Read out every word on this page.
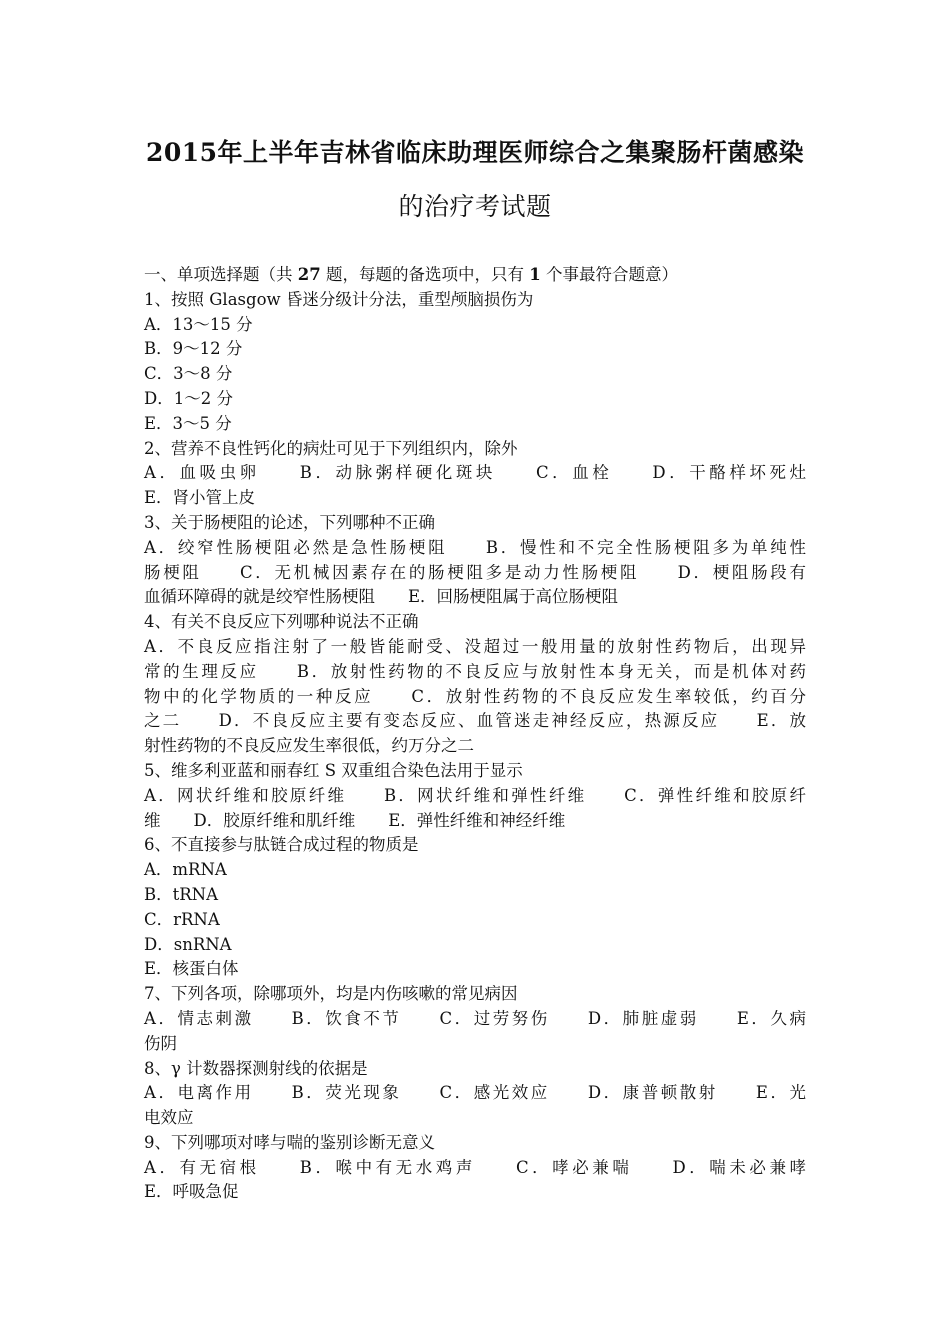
2015年上半年吉林省临床助理医师综合之集聚肠杆菌感染
的治疗考试题
一、单项选择题（共 27 题，每题的备选项中，只有 1 个事最符合题意）
1、按照 Glasgow 昏迷分级计分法，重型颅脑损伤为
A．13～15 分
B．9～12 分
C．3～8 分
D．1～2 分
E．3～5 分
2、营养不良性钙化的病灶可见于下列组织内，除外
A．血吸虫卵　　B．动脉粥样硬化斑块　　C．血栓　　D．干酪样坏死灶
E．肾小管上皮
3、关于肠梗阻的论述，下列哪种不正确
A．绞窄性肠梗阻必然是急性肠梗阻　　B．慢性和不完全性肠梗阻多为单纯性
肠梗阻　　C．无机械因素存在的肠梗阻多是动力性肠梗阻　　D．梗阻肠段有
血循环障碍的就是绞窄性肠梗阻　　E．回肠梗阻属于高位肠梗阻
4、有关不良反应下列哪种说法不正确
A．不良反应指注射了一般皆能耐受、没超过一般用量的放射性药物后，出现异
常的生理反应　　B．放射性药物的不良反应与放射性本身无关，而是机体对药
物中的化学物质的一种反应　　C．放射性药物的不良反应发生率较低，约百分
之二　　D．不良反应主要有变态反应、血管迷走神经反应，热源反应　　E．放
射性药物的不良反应发生率很低，约万分之二
5、维多利亚蓝和丽春红 S 双重组合染色法用于显示
A．网状纤维和胶原纤维　　B．网状纤维和弹性纤维　　C．弹性纤维和胶原纤
维　　D．胶原纤维和肌纤维　　E．弹性纤维和神经纤维
6、不直接参与肽链合成过程的物质是
A．mRNA
B．tRNA
C．rRNA
D．snRNA
E．核蛋白体
7、下列各项，除哪项外，均是内伤咳嗽的常见病因
A．情志刺激　　B．饮食不节　　C．过劳努伤　　D．肺脏虚弱　　E．久病
伤阴
8、γ 计数器探测射线的依据是
A．电离作用　　B．荧光现象　　C．感光效应　　D．康普顿散射　　E．光
电效应
9、下列哪项对哮与喘的鉴别诊断无意义
A．有无宿根　　B．喉中有无水鸡声　　C．哮必兼喘　　D．喘未必兼哮
E．呼吸急促
